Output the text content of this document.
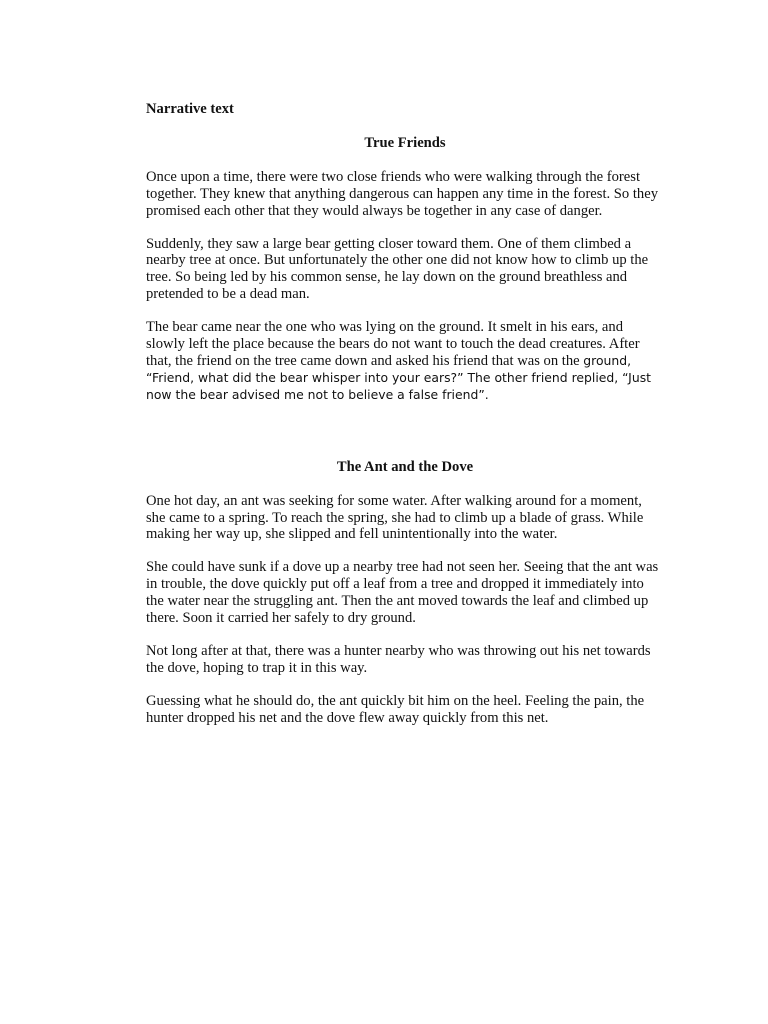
Narrative text

True Friends

Once upon a time, there were two close friends who were walking through the forest together. They knew that anything dangerous can happen any time in the forest. So they promised each other that they would always be together in any case of danger.

Suddenly, they saw a large bear getting closer toward them. One of them climbed a nearby tree at once. But unfortunately the other one did not know how to climb up the tree. So being led by his common sense, he lay down on the ground breathless and pretended to be a dead man.

The bear came near the one who was lying on the ground. It smelt in his ears, and slowly left the place because the bears do not want to touch the dead creatures. After that, the friend on the tree came down and asked his friend that was on the ground, “Friend, what did the bear whisper into your ears?” The other friend replied, “Just now the bear advised me not to believe a false friend”.

The Ant and the Dove

One hot day, an ant was seeking for some water. After walking around for a moment, she came to a spring. To reach the spring, she had to climb up a blade of grass. While making her way up, she slipped and fell unintentionally into the water.

She could have sunk if a dove up a nearby tree had not seen her. Seeing that the ant was in trouble, the dove quickly put off a leaf from a tree and dropped it immediately into the water near the struggling ant. Then the ant moved towards the leaf and climbed up there. Soon it carried her safely to dry ground.

Not long after at that, there was a hunter nearby who was throwing out his net towards the dove, hoping to trap it in this way.

Guessing what he should do, the ant quickly bit him on the heel. Feeling the pain, the hunter dropped his net and the dove flew away quickly from this net.
